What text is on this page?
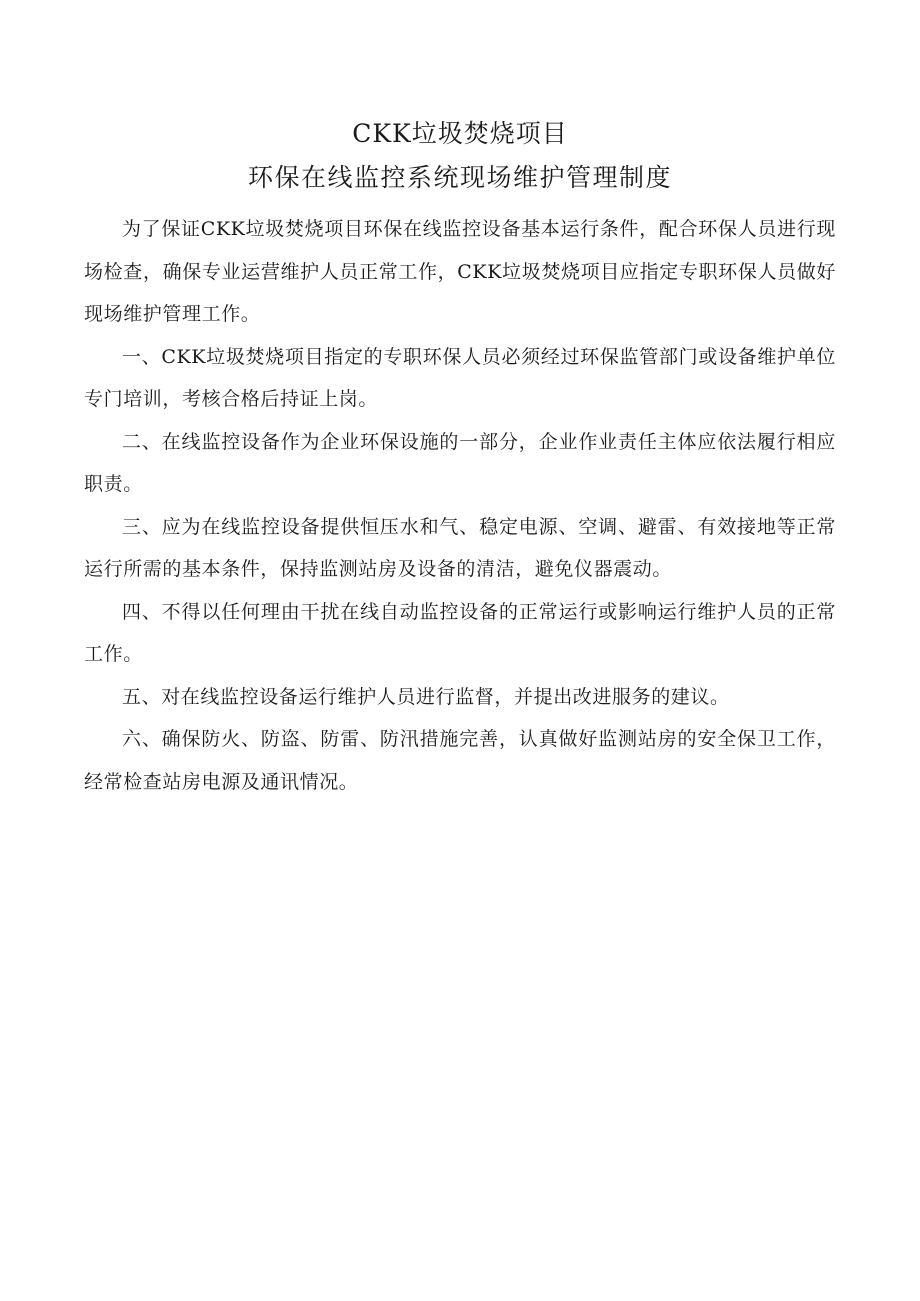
CKK垃圾焚烧项目
环保在线监控系统现场维护管理制度

为了保证CKK垃圾焚烧项目环保在线监控设备基本运行条件，配合环保人员进行现场检查，确保专业运营维护人员正常工作，CKK垃圾焚烧项目应指定专职环保人员做好现场维护管理工作。

一、CKK垃圾焚烧项目指定的专职环保人员必须经过环保监管部门或设备维护单位专门培训，考核合格后持证上岗。

二、在线监控设备作为企业环保设施的一部分，企业作业责任主体应依法履行相应职责。

三、应为在线监控设备提供恒压水和气、稳定电源、空调、避雷、有效接地等正常运行所需的基本条件，保持监测站房及设备的清洁，避免仪器震动。

四、不得以任何理由干扰在线自动监控设备的正常运行或影响运行维护人员的正常工作。

五、对在线监控设备运行维护人员进行监督，并提出改进服务的建议。

六、确保防火、防盗、防雷、防汛措施完善，认真做好监测站房的安全保卫工作，经常检查站房电源及通讯情况。
